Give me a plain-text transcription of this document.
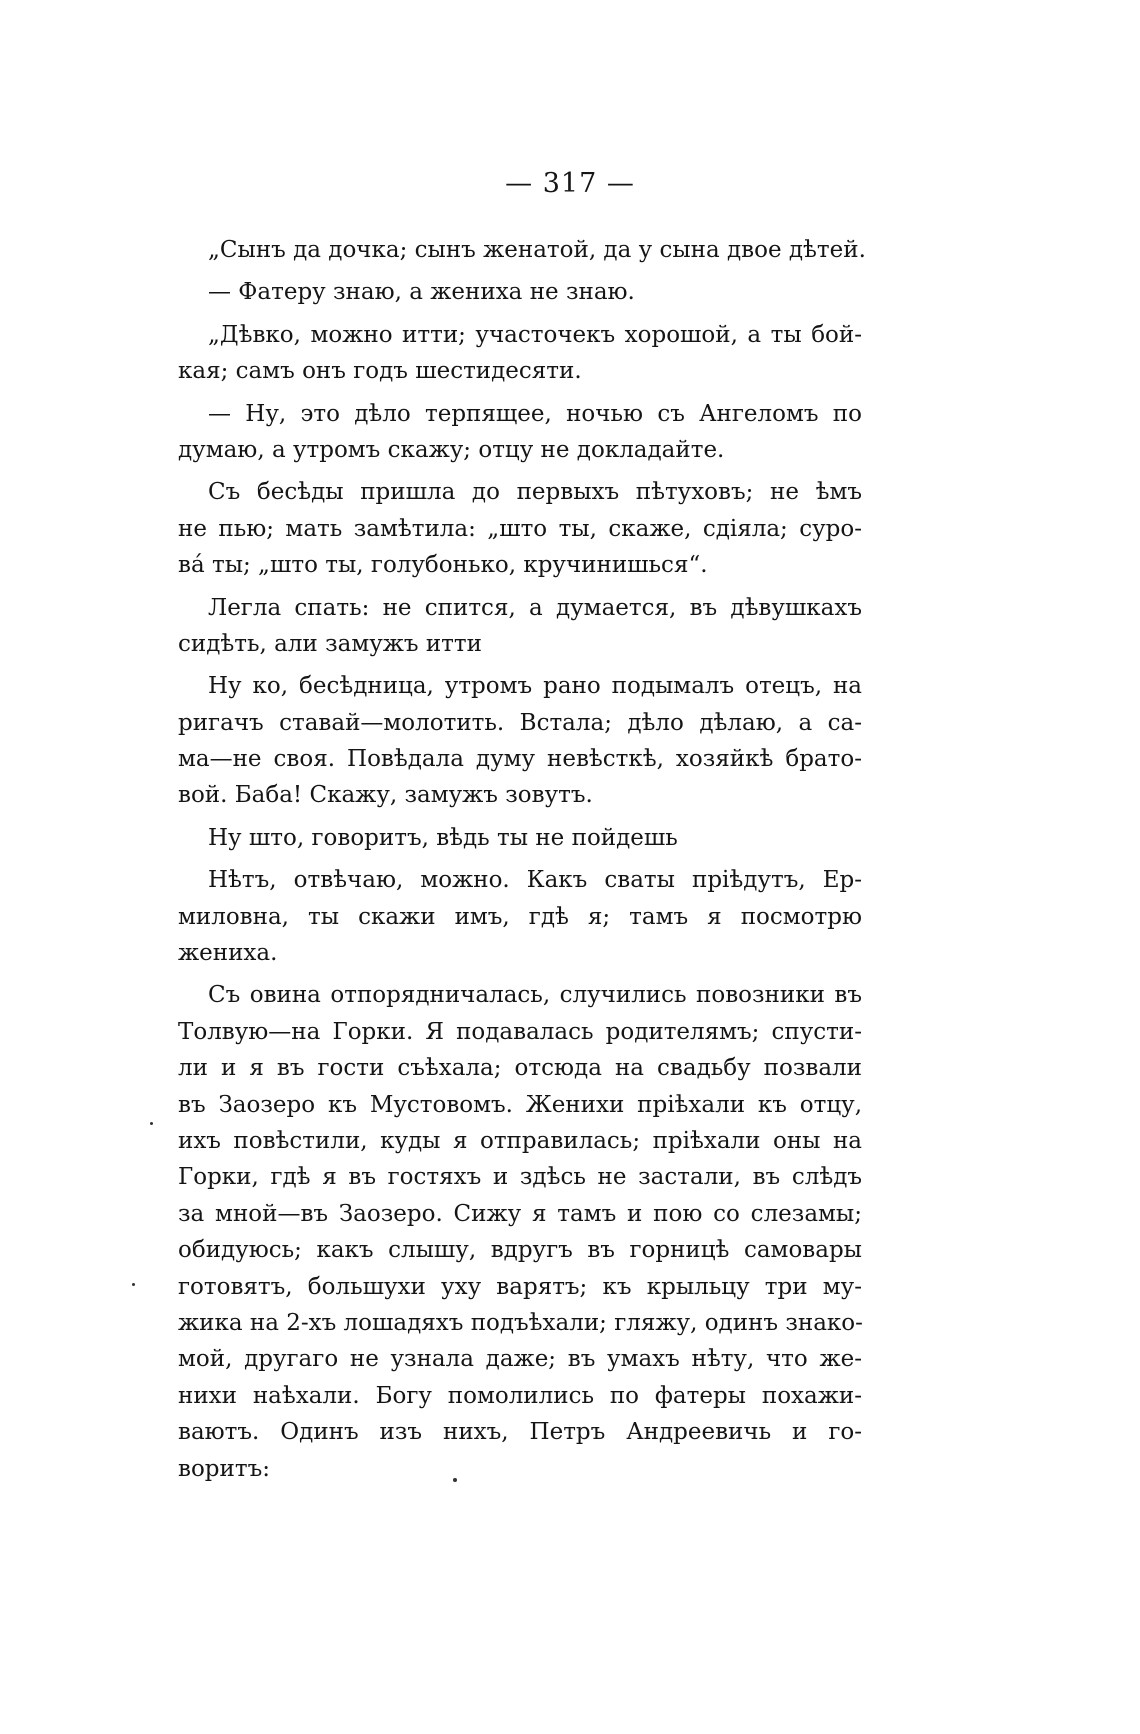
— 317 —
„Сынъ да дочка; сынъ женатой, да у сына двое дѣтей.
— Фатеру знаю, а жениха не знаю.
„Дѣвко, можно итти; участочекъ хорошой, а ты бой-
кая; самъ онъ годъ шестидесяти.
— Ну, это дѣло терпящее, ночью съ Ангеломъ по
думаю, а утромъ скажу; отцу не докладайте.
Съ бесѣды пришла до первыхъ пѣтуховъ; не ѣмъ
не пью; мать замѣтила: „што ты, скаже, сдiяла; суро-
ва́ ты; „што ты, голубонько, кручинишься“.
Легла спать: не спится, а думается, въ дѣвушкахъ
сидѣть, али замужъ итти
Ну ко, бесѣдница, утромъ рано подымалъ отецъ, на
ригачъ ставай—молотить. Встала; дѣло дѣлаю, а са-
ма—не своя. Повѣдала думу невѣсткѣ, хозяйкѣ брато-
вой. Баба! Скажу, замужъ зовутъ.
Ну што, говоритъ, вѣдь ты не пойдешь
Нѣтъ, отвѣчаю, можно. Какъ сваты прiѣдутъ, Ер-
миловна, ты скажи имъ, гдѣ я; тамъ я посмотрю
жениха.
Съ овина отпорядничалась, случились повозники въ
Толвую—на Горки. Я подавалась родителямъ; спусти-
ли и я въ гости съѣхала; отсюда на свадьбу позвали
въ Заозеро къ Мустовомъ. Женихи прiѣхали къ отцу,
ихъ повѣстили, куды я отправилась; прiѣхали оны на
Горки, гдѣ я въ гостяхъ и здѣсь не застали, въ слѣдъ
за мной—въ Заозеро. Сижу я тамъ и пою со слезамы;
обидуюсь; какъ слышу, вдругъ въ горницѣ самовары
готовятъ, большухи уху варятъ; къ крыльцу три му-
жика на 2-хъ лошадяхъ подъѣхали; гляжу, одинъ знако-
мой, другаго не узнала даже; въ умахъ нѣту, что же-
нихи наѣхали. Богу помолились по фатеры похажи-
ваютъ. Одинъ изъ нихъ, Петръ Андреевичь и го-
воритъ:
